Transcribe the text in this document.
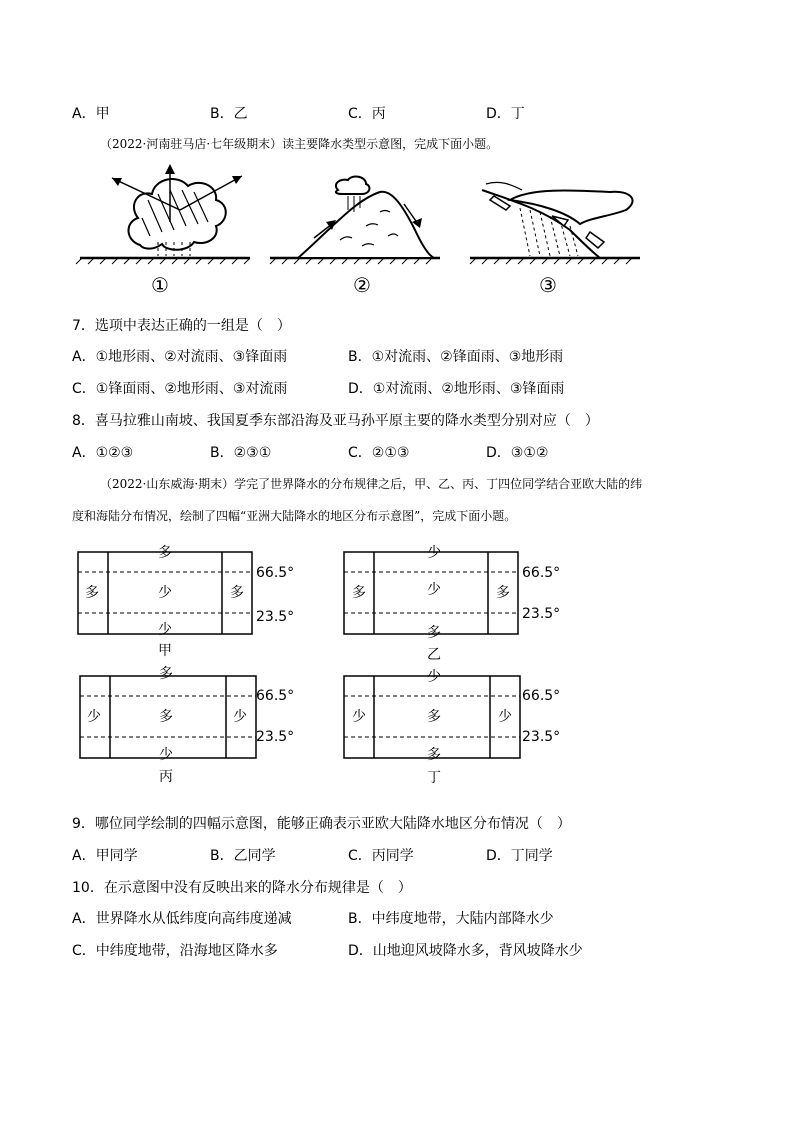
A．甲	B．乙	C．丙	D．丁
（2022·河南驻马店·七年级期末）读主要降水类型示意图，完成下面小题。
①	②	③
7．选项中表达正确的一组是（　）
A．①地形雨、②对流雨、③锋面雨	B．①对流雨、②锋面雨、③地形雨
C．①锋面雨、②地形雨、③对流雨	D．①对流雨、②地形雨、③锋面雨
8．喜马拉雅山南坡、我国夏季东部沿海及亚马孙平原主要的降水类型分别对应（　）
A．①②③	B．②③①	C．②①③	D．③①②
（2022·山东威海·期末）学完了世界降水的分布规律之后，甲、乙、丙、丁四位同学结合亚欧大陆的纬
度和海陆分布情况，绘制了四幅“亚洲大陆降水的地区分布示意图”，完成下面小题。
多
多	少	多
少
甲
66.5°
23.5°
少
多	少	多
多
乙
66.5°
23.5°
多
少	多	少
少
丙
66.5°
23.5°
少
少	多	少
多
丁
66.5°
23.5°
9．哪位同学绘制的四幅示意图，能够正确表示亚欧大陆降水地区分布情况（　）
A．甲同学	B．乙同学	C．丙同学	D．丁同学
10．在示意图中没有反映出来的降水分布规律是（　）
A．世界降水从低纬度向高纬度递减	B．中纬度地带，大陆内部降水少
C．中纬度地带，沿海地区降水多	D．山地迎风坡降水多，背风坡降水少
